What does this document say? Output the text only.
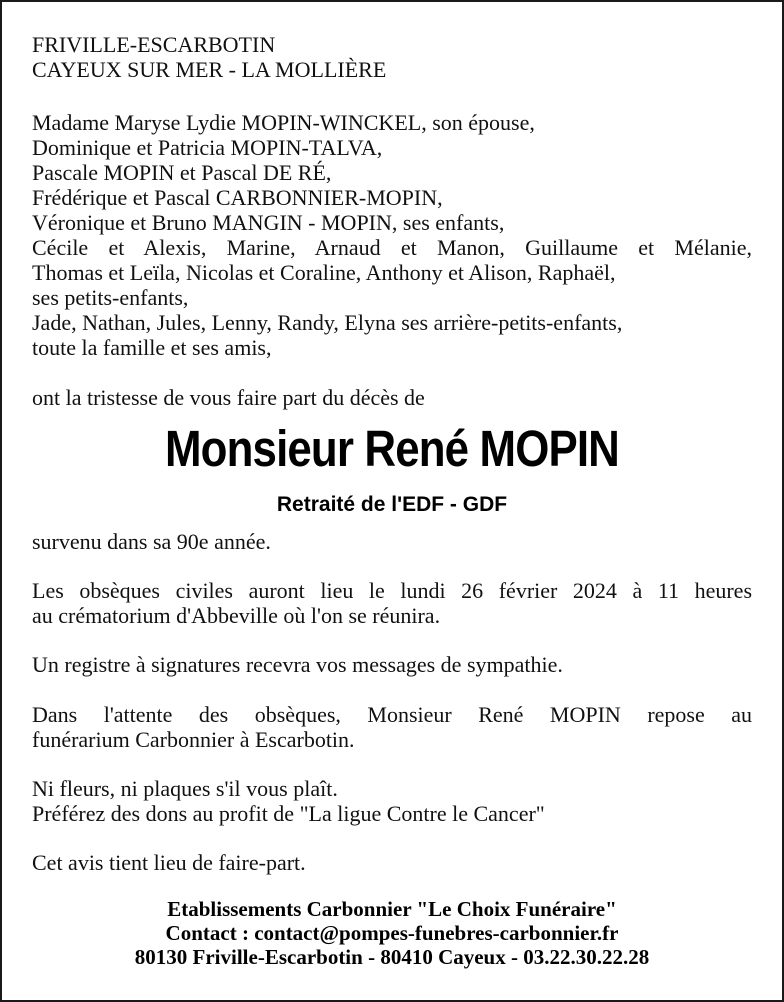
FRIVILLE-ESCARBOTIN
CAYEUX SUR MER - LA MOLLIÈRE
Madame Maryse Lydie MOPIN-WINCKEL, son épouse,
Dominique et Patricia MOPIN-TALVA,
Pascale MOPIN et Pascal DE RÉ,
Frédérique et Pascal CARBONNIER-MOPIN,
Véronique et Bruno MANGIN - MOPIN, ses enfants,
Cécile et Alexis, Marine, Arnaud et Manon, Guillaume et Mélanie,
Thomas et Leïla, Nicolas et Coraline, Anthony et Alison, Raphaël,
ses petits-enfants,
Jade, Nathan, Jules, Lenny, Randy, Elyna ses arrière-petits-enfants,
toute la famille et ses amis,
ont la tristesse de vous faire part du décès de
Monsieur René MOPIN
Retraité de l'EDF - GDF
survenu dans sa 90e année.
Les obsèques civiles auront lieu le lundi 26 février 2024 à 11 heures
au crématorium d'Abbeville où l'on se réunira.
Un registre à signatures recevra vos messages de sympathie.
Dans l'attente des obsèques, Monsieur René MOPIN repose au
funérarium Carbonnier à Escarbotin.
Ni fleurs, ni plaques s'il vous plaît.
Préférez des dons au profit de "La ligue Contre le Cancer"
Cet avis tient lieu de faire-part.
Etablissements Carbonnier "Le Choix Funéraire"
Contact : contact@pompes-funebres-carbonnier.fr
80130 Friville-Escarbotin - 80410 Cayeux - 03.22.30.22.28
